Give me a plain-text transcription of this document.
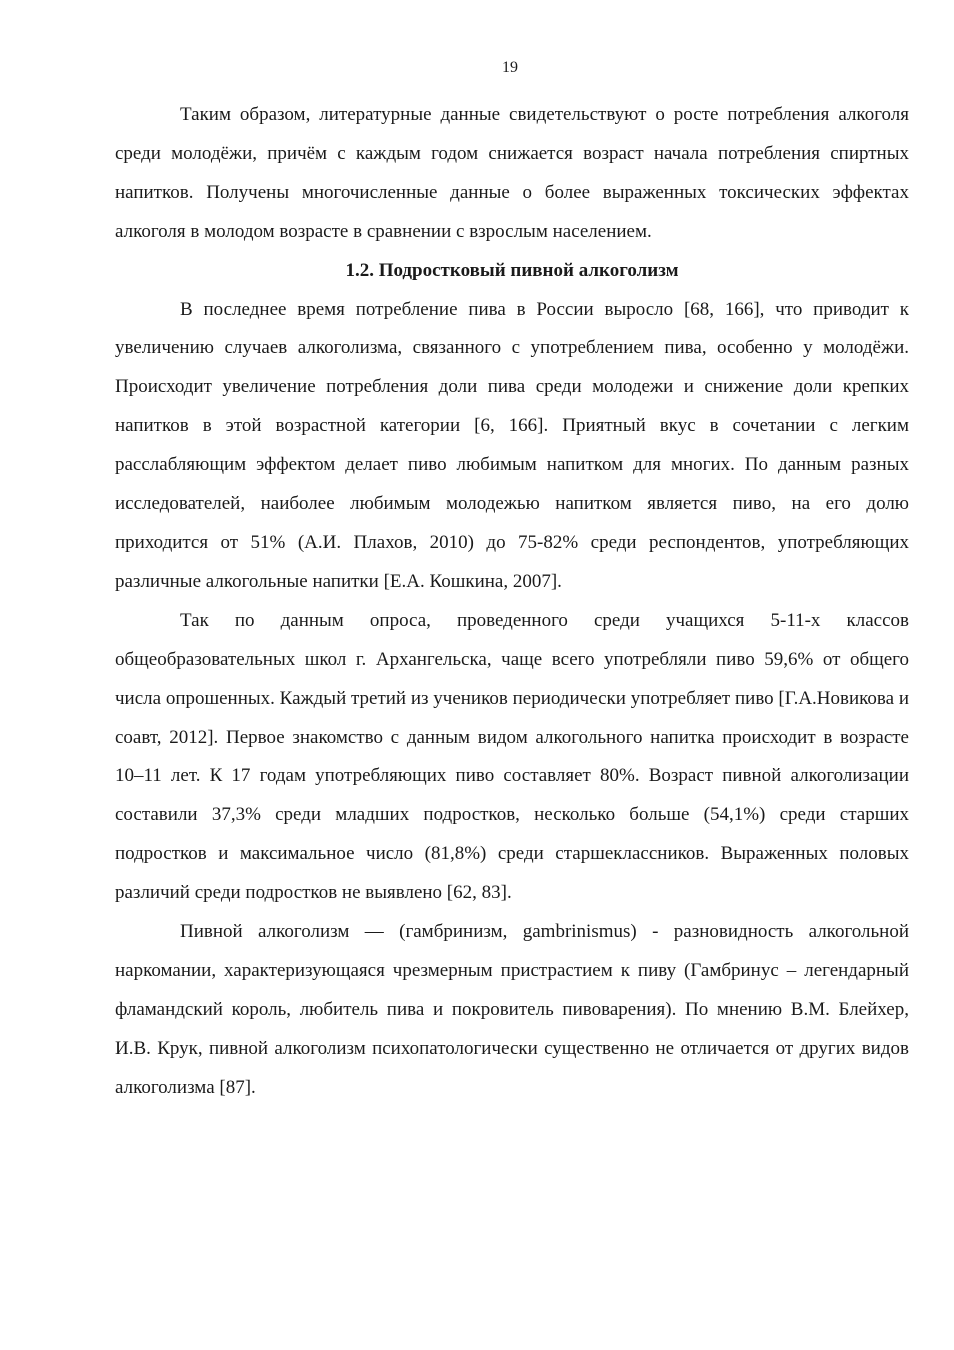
19

Таким образом, литературные данные свидетельствуют о росте потребления алкоголя среди молодёжи, причём с каждым годом снижается возраст начала потребления спиртных напитков. Получены многочисленные данные о более выраженных токсических эффектах алкоголя в молодом возрасте в сравнении с взрослым населением.

1.2. Подростковый пивной алкоголизм

В последнее время потребление пива в России выросло [68, 166], что приводит к увеличению случаев алкоголизма, связанного с употреблением пива, особенно у молодёжи. Происходит увеличение потребления доли пива среди молодежи и снижение доли крепких напитков в этой возрастной категории [6, 166]. Приятный вкус в сочетании с легким расслабляющим эффектом делает пиво любимым напитком для многих. По данным разных исследователей, наиболее любимым молодежью напитком является пиво, на его долю приходится от 51% (А.И. Плахов, 2010) до 75-82% среди респондентов, употребляющих различные алкогольные напитки [Е.А. Кошкина, 2007].

Так по данным опроса, проведенного среди учащихся 5-11-х классов общеобразовательных школ г. Архангельска, чаще всего употребляли пиво 59,6% от общего числа опрошенных. Каждый третий из учеников периодически употребляет пиво [Г.А.Новикова и соавт, 2012]. Первое знакомство с данным видом алкогольного напитка происходит в возрасте 10–11 лет. К 17 годам употребляющих пиво составляет 80%. Возраст пивной алкоголизации составили 37,3% среди младших подростков, несколько больше (54,1%) среди старших подростков и максимальное число (81,8%) среди старшеклассников. Выраженных половых различий среди подростков не выявлено [62, 83].

Пивной алкоголизм — (гамбринизм, gambrinismus) - разновидность алкогольной наркомании, характеризующаяся чрезмерным пристрастием к пиву (Гамбринус – легендарный фламандский король, любитель пива и покровитель пивоварения). По мнению В.М. Блейхер, И.В. Крук, пивной алкоголизм психопатологически существенно не отличается от других видов алкоголизма [87].
